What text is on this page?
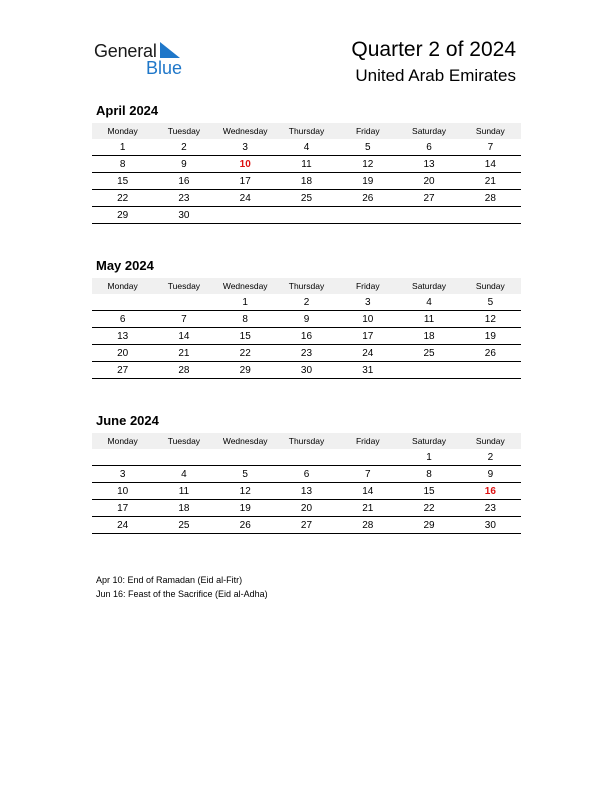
General
Blue
Quarter 2 of 2024
United Arab Emirates
April 2024
Monday	Tuesday	Wednesday	Thursday	Friday	Saturday	Sunday
1	2	3	4	5	6	7
8	9	10	11	12	13	14
15	16	17	18	19	20	21
22	23	24	25	26	27	28
29	30					
May 2024
Monday	Tuesday	Wednesday	Thursday	Friday	Saturday	Sunday
		1	2	3	4	5
6	7	8	9	10	11	12
13	14	15	16	17	18	19
20	21	22	23	24	25	26
27	28	29	30	31		
June 2024
Monday	Tuesday	Wednesday	Thursday	Friday	Saturday	Sunday
					1	2
3	4	5	6	7	8	9
10	11	12	13	14	15	16
17	18	19	20	21	22	23
24	25	26	27	28	29	30
Apr 10: End of Ramadan (Eid al-Fitr)
Jun 16: Feast of the Sacrifice (Eid al-Adha)
